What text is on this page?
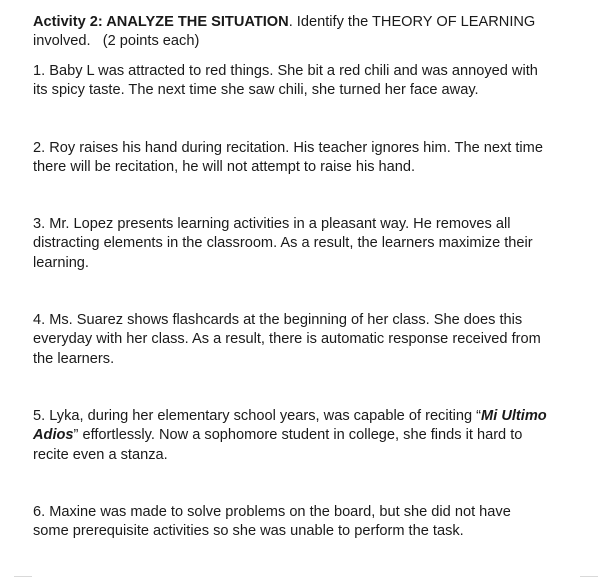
Activity 2: ANALYZE THE SITUATION. Identify the THEORY OF LEARNING involved. (2 points each)
1. Baby L was attracted to red things. She bit a red chili and was annoyed with its spicy taste. The next time she saw chili, she turned her face away.
2. Roy raises his hand during recitation. His teacher ignores him. The next time there will be recitation, he will not attempt to raise his hand.
3. Mr. Lopez presents learning activities in a pleasant way. He removes all distracting elements in the classroom. As a result, the learners maximize their learning.
4. Ms. Suarez shows flashcards at the beginning of her class. She does this everyday with her class. As a result, there is automatic response received from the learners.
5. Lyka, during her elementary school years, was capable of reciting “Mi Ultimo Adios” effortlessly. Now a sophomore student in college, she finds it hard to recite even a stanza.
6. Maxine was made to solve problems on the board, but she did not have some prerequisite activities so she was unable to perform the task.
